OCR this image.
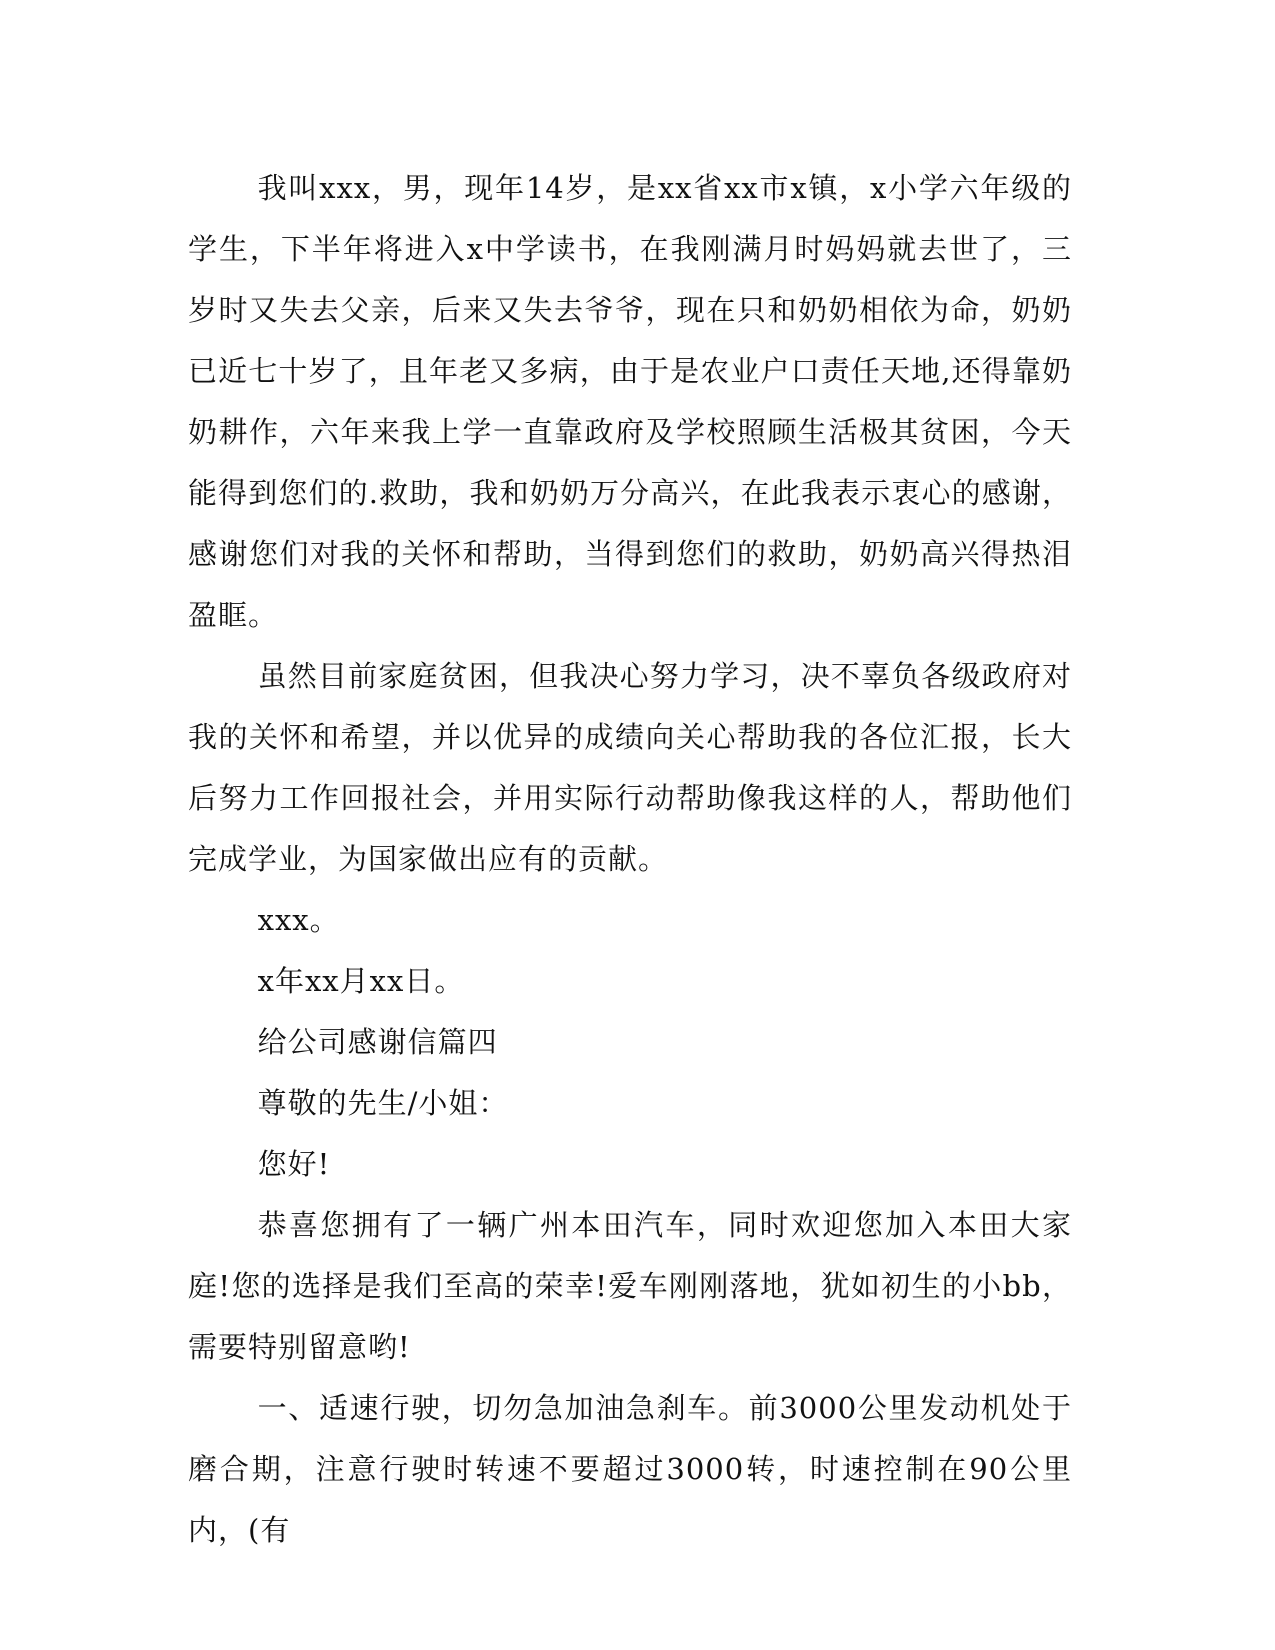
我叫xxx，男，现年14岁，是xx省xx市x镇，x小学六年级的学生，下半年将进入x中学读书，在我刚满月时妈妈就去世了，三岁时又失去父亲，后来又失去爷爷，现在只和奶奶相依为命，奶奶已近七十岁了，且年老又多病，由于是农业户口责任天地,还得靠奶奶耕作，六年来我上学一直靠政府及学校照顾生活极其贫困，今天能得到您们的.救助，我和奶奶万分高兴，在此我表示衷心的感谢，感谢您们对我的关怀和帮助，当得到您们的救助，奶奶高兴得热泪盈眶。

虽然目前家庭贫困，但我决心努力学习，决不辜负各级政府对我的关怀和希望，并以优异的成绩向关心帮助我的各位汇报，长大后努力工作回报社会，并用实际行动帮助像我这样的人，帮助他们完成学业，为国家做出应有的贡献。

xxx。

x年xx月xx日。

给公司感谢信篇四

尊敬的先生/小姐：

您好!

恭喜您拥有了一辆广州本田汽车，同时欢迎您加入本田大家庭!您的选择是我们至高的荣幸!爱车刚刚落地，犹如初生的小bb，需要特别留意哟!

一、适速行驶，切勿急加油急刹车。前3000公里发动机处于磨合期，注意行驶时转速不要超过3000转，时速控制在90公里内，(有
